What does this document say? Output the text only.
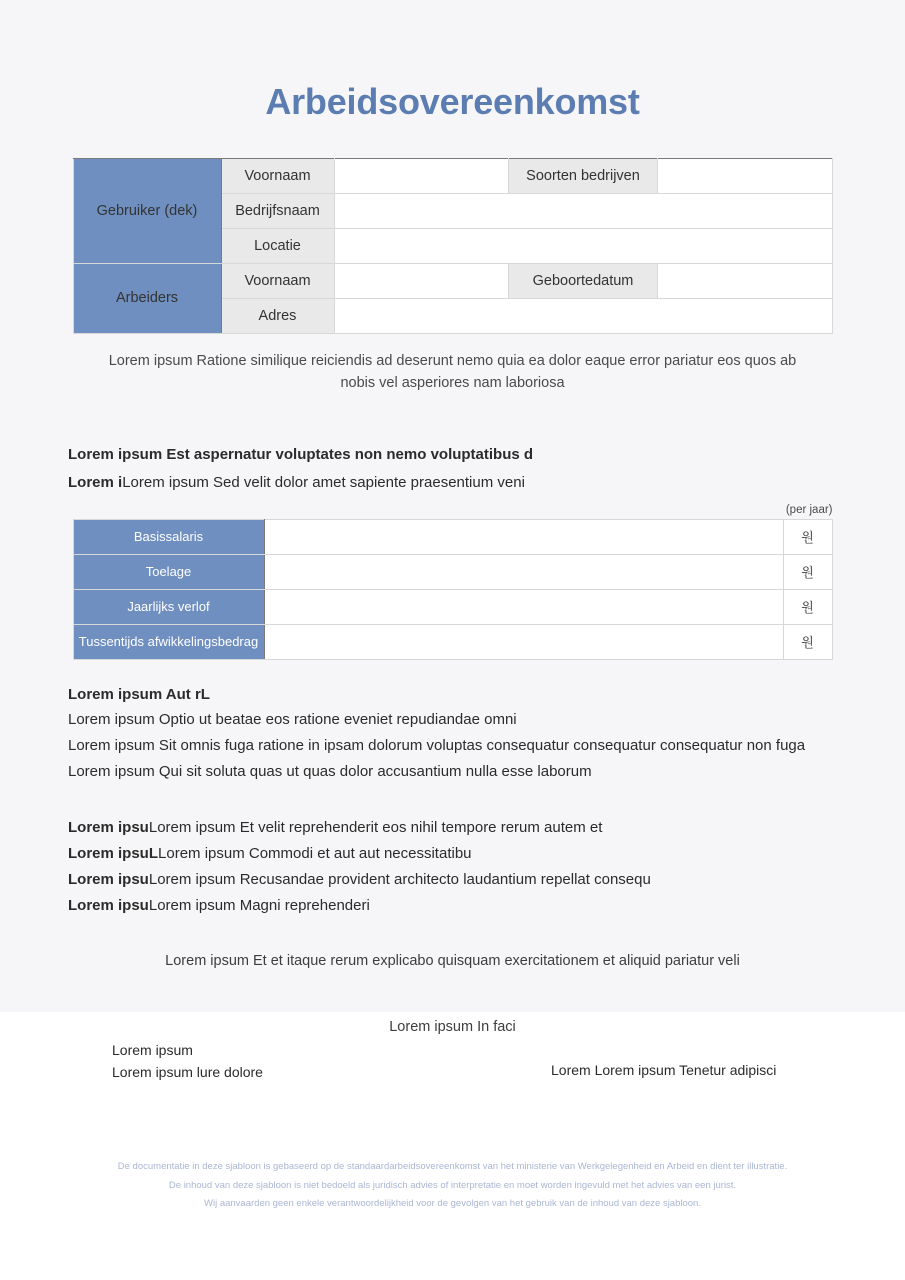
Arbeidsovereenkomst
Gebruiker (dek)	Voornaam		Soorten bedrijven	
	Bedrijfsnaam			
	Locatie			
Arbeiders	Voornaam		Geboortedatum	
	Adres			
Lorem ipsum Ratione similique reiciendis ad deserunt nemo quia ea dolor eaque error pariatur eos quos ab nobis vel asperiores nam laboriosa
Lorem ipsum Est aspernatur voluptates non nemo voluptatibus d
Lorem iLorem ipsum Sed velit dolor amet sapiente praesentium veni
(per jaar)
Basissalaris		원
Toelage		원
Jaarlijks verlof		원
Tussentijds afwikkelingsbedrag		원
Lorem ipsum Aut rL
Lorem ipsum Optio ut beatae eos ratione eveniet repudiandae omni
Lorem ipsum Sit omnis fuga ratione in ipsam dolorum voluptas consequatur consequatur consequatur non fuga
Lorem ipsum Qui sit soluta quas ut quas dolor accusantium nulla esse laborum
Lorem ipsuLorem ipsum Et velit reprehenderit eos nihil tempore rerum autem et
Lorem ipsuLLorem ipsum Commodi et aut aut necessitatibu
Lorem ipsuLorem ipsum Recusandae provident architecto laudantium repellat consequ
Lorem ipsuLorem ipsum Magni reprehenderi
Lorem ipsum Et et itaque rerum explicabo quisquam exercitationem et aliquid pariatur veli
Lorem ipsum In faci
Lorem ipsum
Lorem ipsum lure dolore	Lorem Lorem ipsum Tenetur adipisci
De documentatie in deze sjabloon is gebaseerd op de standaardarbeidsovereenkomst van het ministerie van Werkgelegenheid en Arbeid en dient ter illustratie.
De inhoud van deze sjabloon is niet bedoeld als juridisch advies of interpretatie en moet worden ingevuld met het advies van een jurist.
Wij aanvaarden geen enkele verantwoordelijkheid voor de gevolgen van het gebruik van de inhoud van deze sjabloon.
